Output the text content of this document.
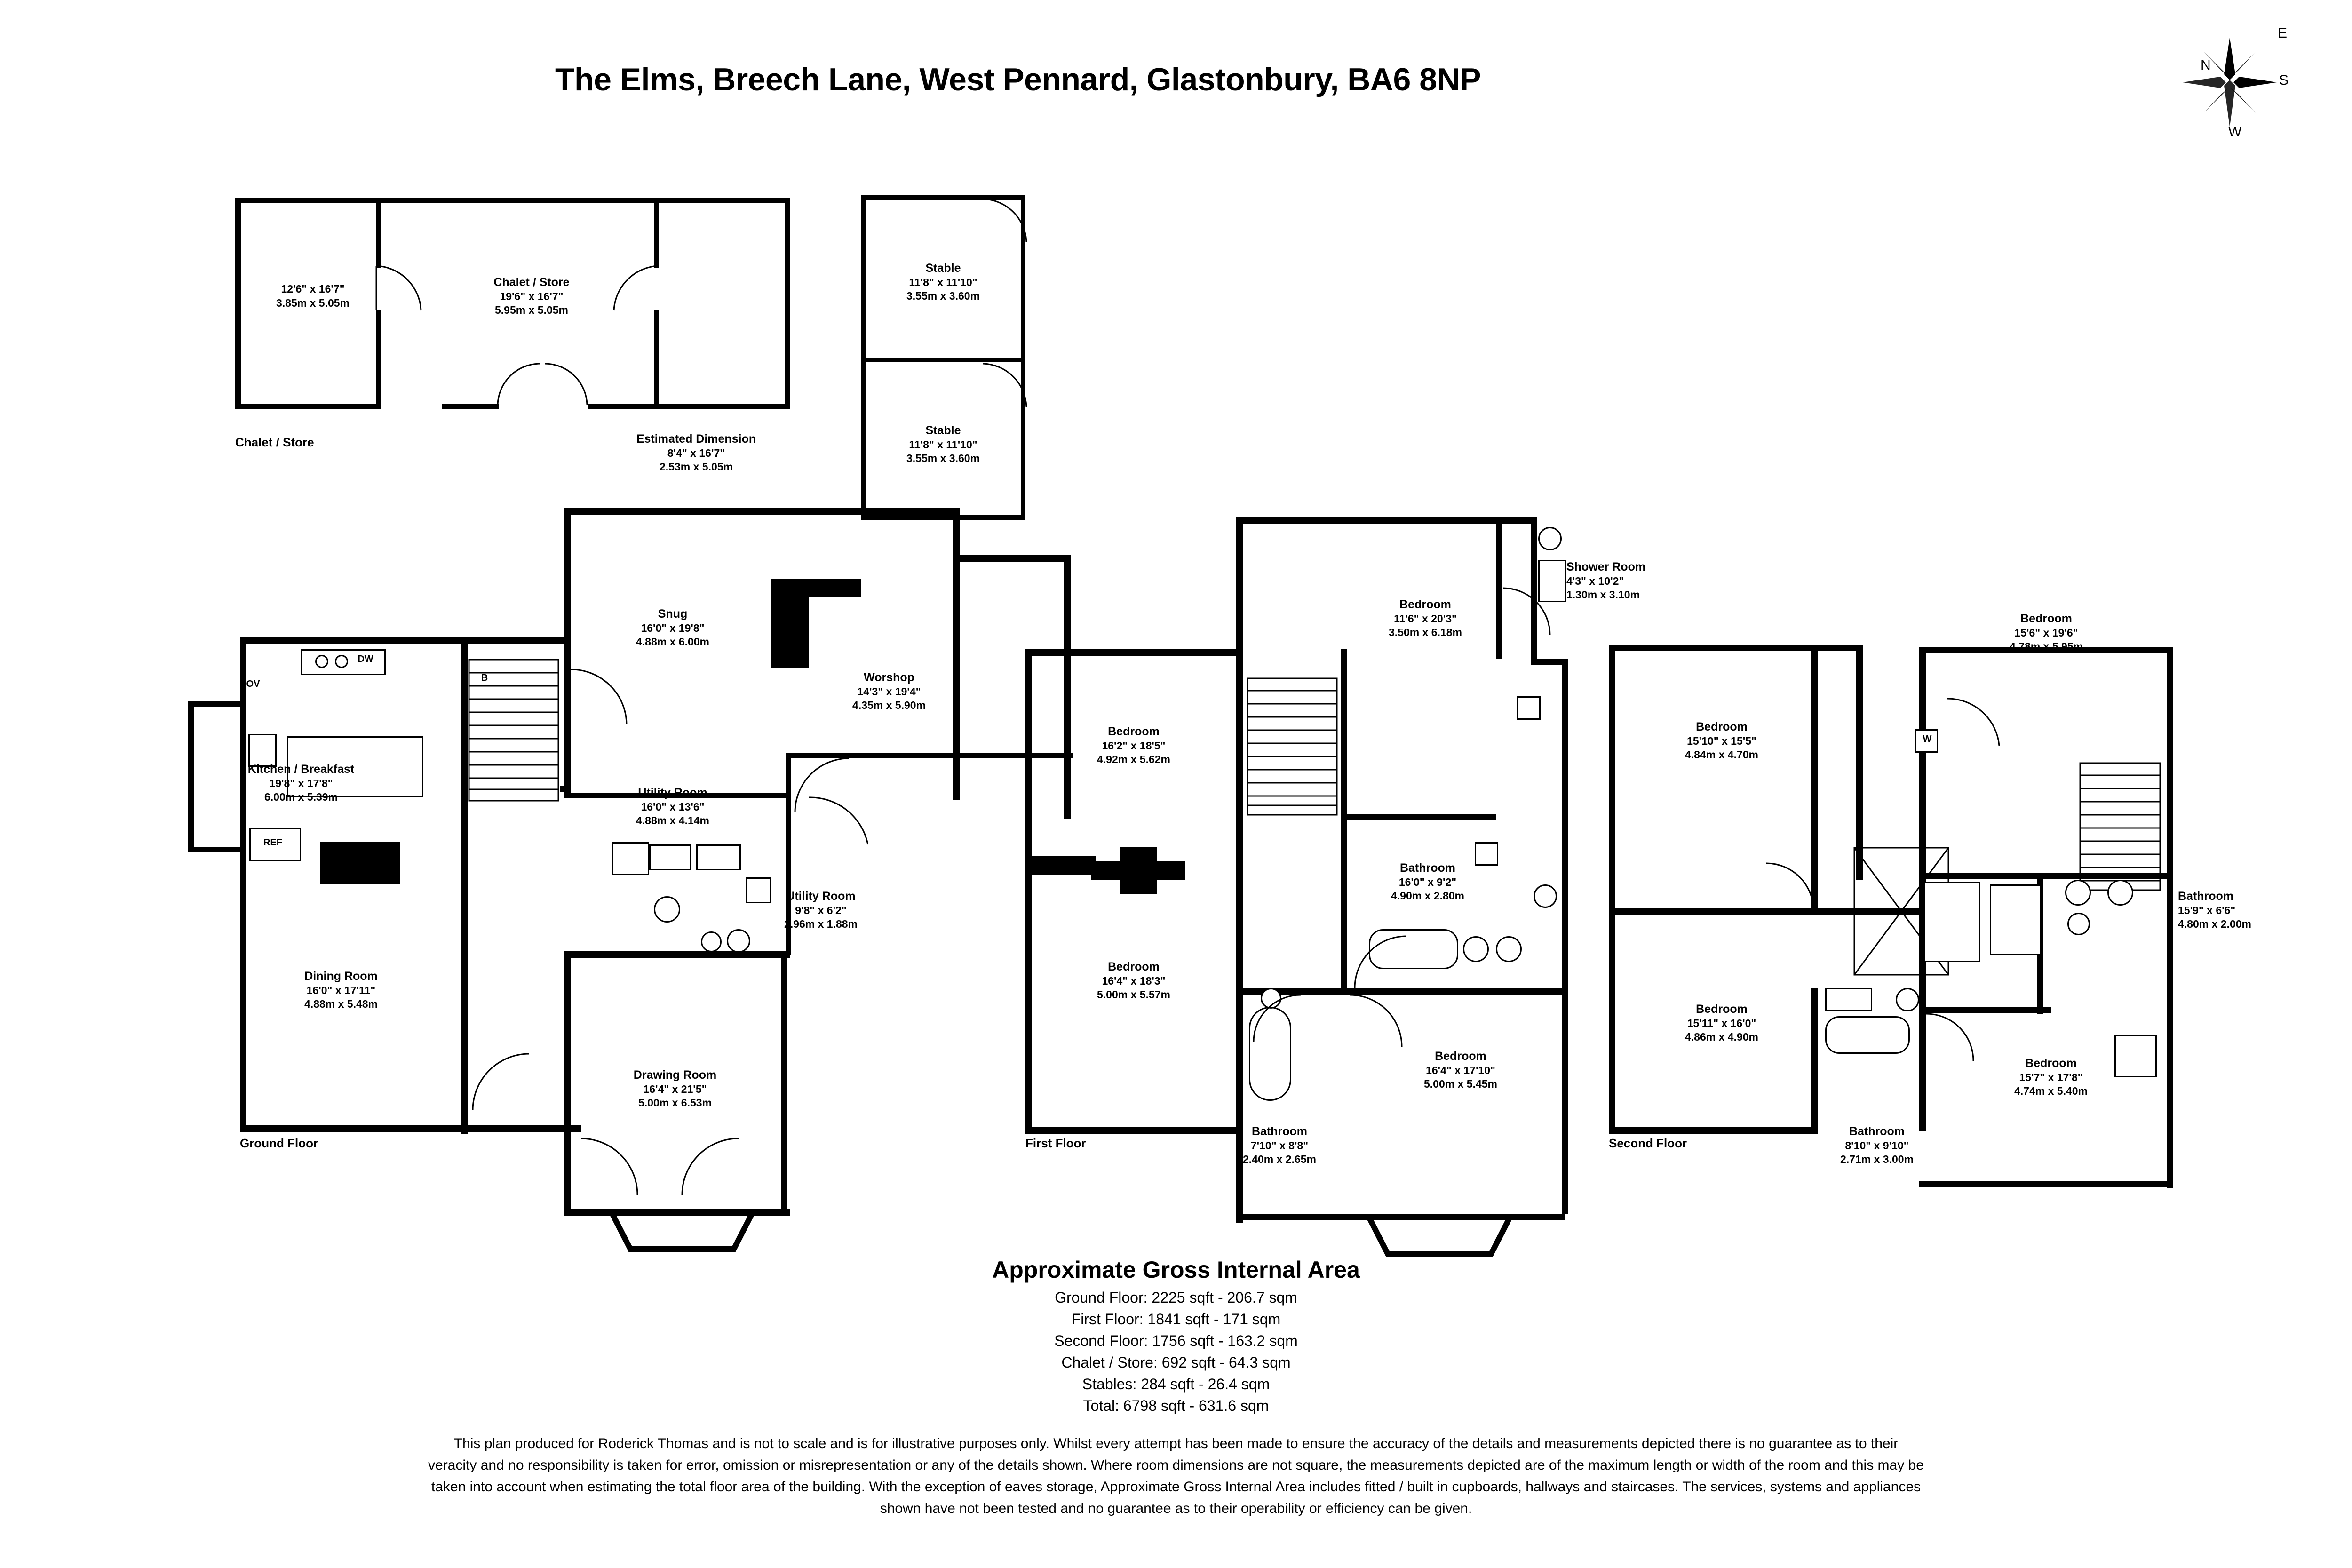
The Elms, Breech Lane, West Pennard, Glastonbury, BA6 8NP
E
N
S
W
12'6" x 16'7"
3.85m x 5.05m
Chalet / Store
19'6" x 16'7"
5.95m x 5.05m
Estimated Dimension
8'4" x 16'7"
2.53m x 5.05m
Chalet / Store
Stable
11'8" x 11'10"
3.55m x 3.60m
Stable
11'8" x 11'10"
3.55m x 3.60m
OV
DW
REF
B
Kitchen / Breakfast
19'8" x 17'8"
6.00m x 5.39m
Dining Room
16'0" x 17'11"
4.88m x 5.48m
Drawing Room
16'4" x 21'5"
5.00m x 6.53m
Snug
16'0" x 19'8"
4.88m x 6.00m
Worshop
14'3" x 19'4"
4.35m x 5.90m
Utility Room
16'0" x 13'6"
4.88m x 4.14m
Utility Room
9'8" x 6'2"
2.96m x 1.88m
Ground Floor
Bedroom
16'2" x 18'5"
4.92m x 5.62m
Bedroom
16'4" x 18'3"
5.00m x 5.57m
Bedroom
11'6" x 20'3"
3.50m x 6.18m
Bedroom
16'4" x 17'10"
5.00m x 5.45m
Bathroom
16'0" x 9'2"
4.90m x 2.80m
Bathroom
7'10" x 8'8"
2.40m x 2.65m
Shower Room
4'3" x 10'2"
1.30m x 3.10m
First Floor
W
Bedroom
15'10" x 15'5"
4.84m x 4.70m
Bedroom
15'11" x 16'0"
4.86m x 4.90m
Bedroom
15'6" x 19'6"
4.78m x 5.95m
Bedroom
15'7" x 17'8"
4.74m x 5.40m
Bathroom
15'9" x 6'6"
4.80m x 2.00m
Bathroom
8'10" x 9'10"
2.71m x 3.00m
Second Floor
Approximate Gross Internal Area
Ground Floor: 2225 sqft - 206.7 sqm
First Floor: 1841 sqft - 171 sqm
Second Floor: 1756 sqft - 163.2 sqm
Chalet / Store: 692 sqft - 64.3 sqm
Stables: 284 sqft - 26.4 sqm
Total: 6798 sqft - 631.6 sqm
This plan produced for Roderick Thomas and is not to scale and is for illustrative purposes only. Whilst every attempt has been made to ensure the accuracy of the details and measurements depicted there is no guarantee as to their
veracity and no responsibility is taken for error, omission or misrepresentation or any of the details shown. Where room dimensions are not square, the measurements depicted are of the maximum length or width of the room and this may be
taken into account when estimating the total floor area of the building. With the exception of eaves storage, Approximate Gross Internal Area includes fitted / built in cupboards, hallways and staircases. The services, systems and appliances
shown have not been tested and no guarantee as to their operability or efficiency can be given.
